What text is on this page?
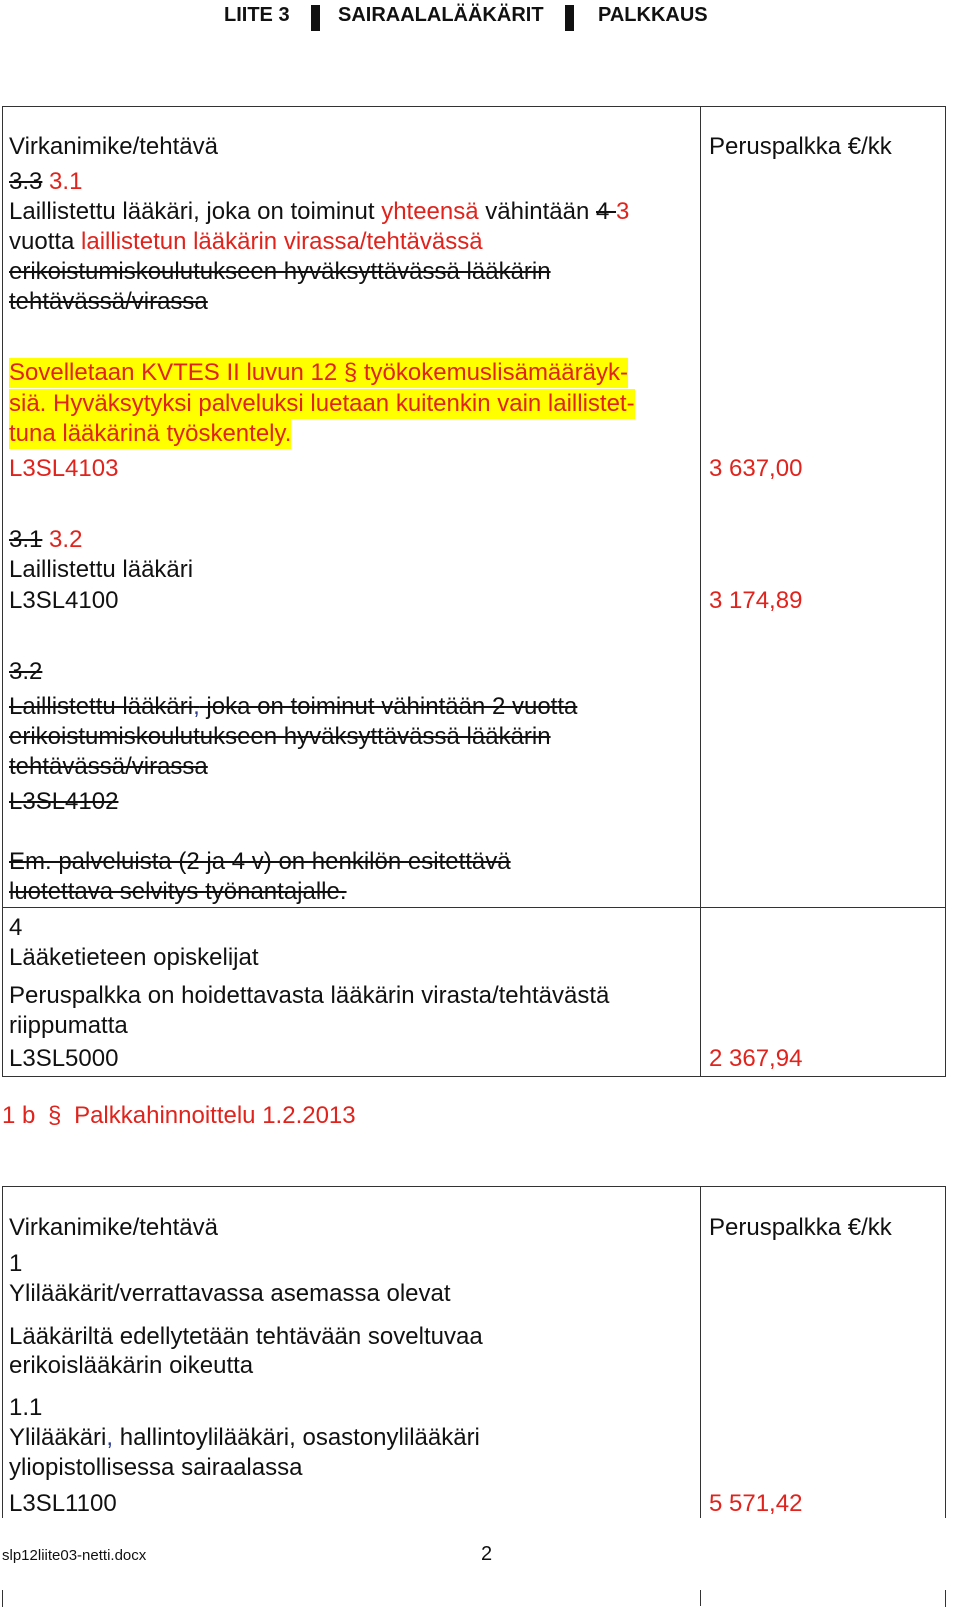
LIITE 3 SAIRAALALÄÄKÄRIT	PALKKAUS
Virkanimike/tehtävä	Peruspalkka €/kk
3.3 3.1
Laillistettu lääkäri, joka on toiminut yhteensä vähintään 4 3
vuotta laillistetun lääkärin virassa/tehtävässä
erikoistumiskoulutukseen hyväksyttävässä lääkärin
tehtävässä/virassa
Sovelletaan KVTES II luvun 12 § työkokemuslisämääräyk-
siä. Hyväksytyksi palveluksi luetaan kuitenkin vain laillistet-
tuna lääkärinä työskentely.
L3SL4103	3 637,00
3.1 3.2
Laillistettu lääkäri
L3SL4100	3 174,89
3.2
Laillistettu lääkäri, joka on toiminut vähintään 2 vuotta
erikoistumiskoulutukseen hyväksyttävässä lääkärin
tehtävässä/virassa
L3SL4102
Em. palveluista (2 ja 4 v) on henkilön esitettävä
luotettava selvitys työnantajalle.
4
Lääketieteen opiskelijat
Peruspalkka on hoidettavasta lääkärin virasta/tehtävästä
riippumatta
L3SL5000	2 367,94
1 b § Palkkahinnoittelu 1.2.2013
Virkanimike/tehtävä	Peruspalkka €/kk
1
Ylilääkärit/verrattavassa asemassa olevat
Lääkäriltä edellytetään tehtävään soveltuvaa
erikoislääkärin oikeutta
1.1
Ylilääkäri, hallintoylilääkäri, osastonylilääkäri
yliopistollisessa sairaalassa
L3SL1100	5 571,42
slp12liite03-netti.docx	2
